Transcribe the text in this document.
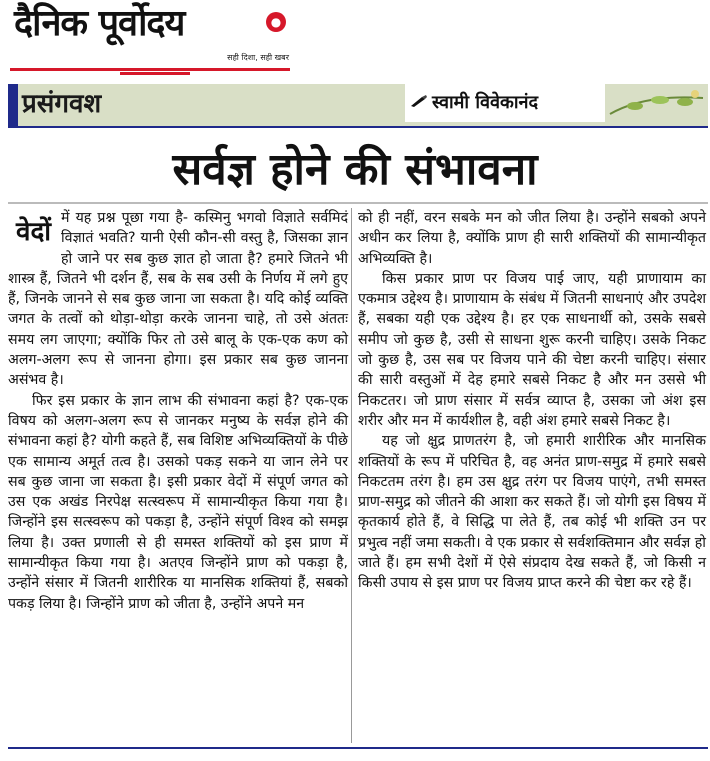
दैनिक पूर्वोदय	●
सही दिशा, सही खबर
प्रसंगवश	स्वामी विवेकानंद
सर्वज्ञ होने की संभावना

वेदों में यह प्रश्न पूछा गया है- कस्मिनु भगवो विज्ञाते सर्वमिदं विज्ञातं भवति? यानी ऐसी कौन-सी वस्तु है, जिसका ज्ञान हो जाने पर सब कुछ ज्ञात हो जाता है? हमारे जितने भी शास्त्र हैं, जितने भी दर्शन हैं, सब के सब उसी के निर्णय में लगे हुए हैं, जिनके जानने से सब कुछ जाना जा सकता है। यदि कोई व्यक्ति जगत के तत्वों को थोड़ा-थोड़ा करके जानना चाहे, तो उसे अंततः समय लग जाएगा; क्योंकि फिर तो उसे बालू के एक-एक कण को अलग-अलग रूप से जानना होगा। इस प्रकार सब कुछ जानना असंभव है।

फिर इस प्रकार के ज्ञान लाभ की संभावना कहां है? एक-एक विषय को अलग-अलग रूप से जानकर मनुष्य के सर्वज्ञ होने की संभावना कहां है? योगी कहते हैं, सब विशिष्ट अभिव्यक्तियों के पीछे एक सामान्य अमूर्त तत्व है। उसको पकड़ सकने या जान लेने पर सब कुछ जाना जा सकता है। इसी प्रकार वेदों में संपूर्ण जगत को उस एक अखंड निरपेक्ष सत्स्वरूप में सामान्यीकृत किया गया है। जिन्होंने इस सत्स्वरूप को पकड़ा है, उन्होंने संपूर्ण विश्व को समझ लिया है। उक्त प्रणाली से ही समस्त शक्तियों को इस प्राण में सामान्यीकृत किया गया है। अतएव जिन्होंने प्राण को पकड़ा है, उन्होंने संसार में जितनी शारीरिक या मानसिक शक्तियां हैं, सबको पकड़ लिया है। जिन्होंने प्राण को जीता है, उन्होंने अपने मन

को ही नहीं, वरन सबके मन को जीत लिया है। उन्होंने सबको अपने अधीन कर लिया है, क्योंकि प्राण ही सारी शक्तियों की सामान्यीकृत अभिव्यक्ति है।

किस प्रकार प्राण पर विजय पाई जाए, यही प्राणायाम का एकमात्र उद्देश्य है। प्राणायाम के संबंध में जितनी साधनाएं और उपदेश हैं, सबका यही एक उद्देश्य है। हर एक साधनार्थी को, उसके सबसे समीप जो कुछ है, उसी से साधना शुरू करनी चाहिए। उसके निकट जो कुछ है, उस सब पर विजय पाने की चेष्टा करनी चाहिए। संसार की सारी वस्तुओं में देह हमारे सबसे निकट है और मन उससे भी निकटतर। जो प्राण संसार में सर्वत्र व्याप्त है, उसका जो अंश इस शरीर और मन में कार्यशील है, वही अंश हमारे सबसे निकट है।

यह जो क्षुद्र प्राणतरंग है, जो हमारी शारीरिक और मानसिक शक्तियों के रूप में परिचित है, वह अनंत प्राण-समुद्र में हमारे सबसे निकटतम तरंग है। हम उस क्षुद्र तरंग पर विजय पाएंगे, तभी समस्त प्राण-समुद्र को जीतने की आशा कर सकते हैं। जो योगी इस विषय में कृतकार्य होते हैं, वे सिद्धि पा लेते हैं, तब कोई भी शक्ति उन पर प्रभुत्व नहीं जमा सकती। वे एक प्रकार से सर्वशक्तिमान और सर्वज्ञ हो जाते हैं। हम सभी देशों में ऐसे संप्रदाय देख सकते हैं, जो किसी न किसी उपाय से इस प्राण पर विजय प्राप्त करने की चेष्टा कर रहे हैं।
